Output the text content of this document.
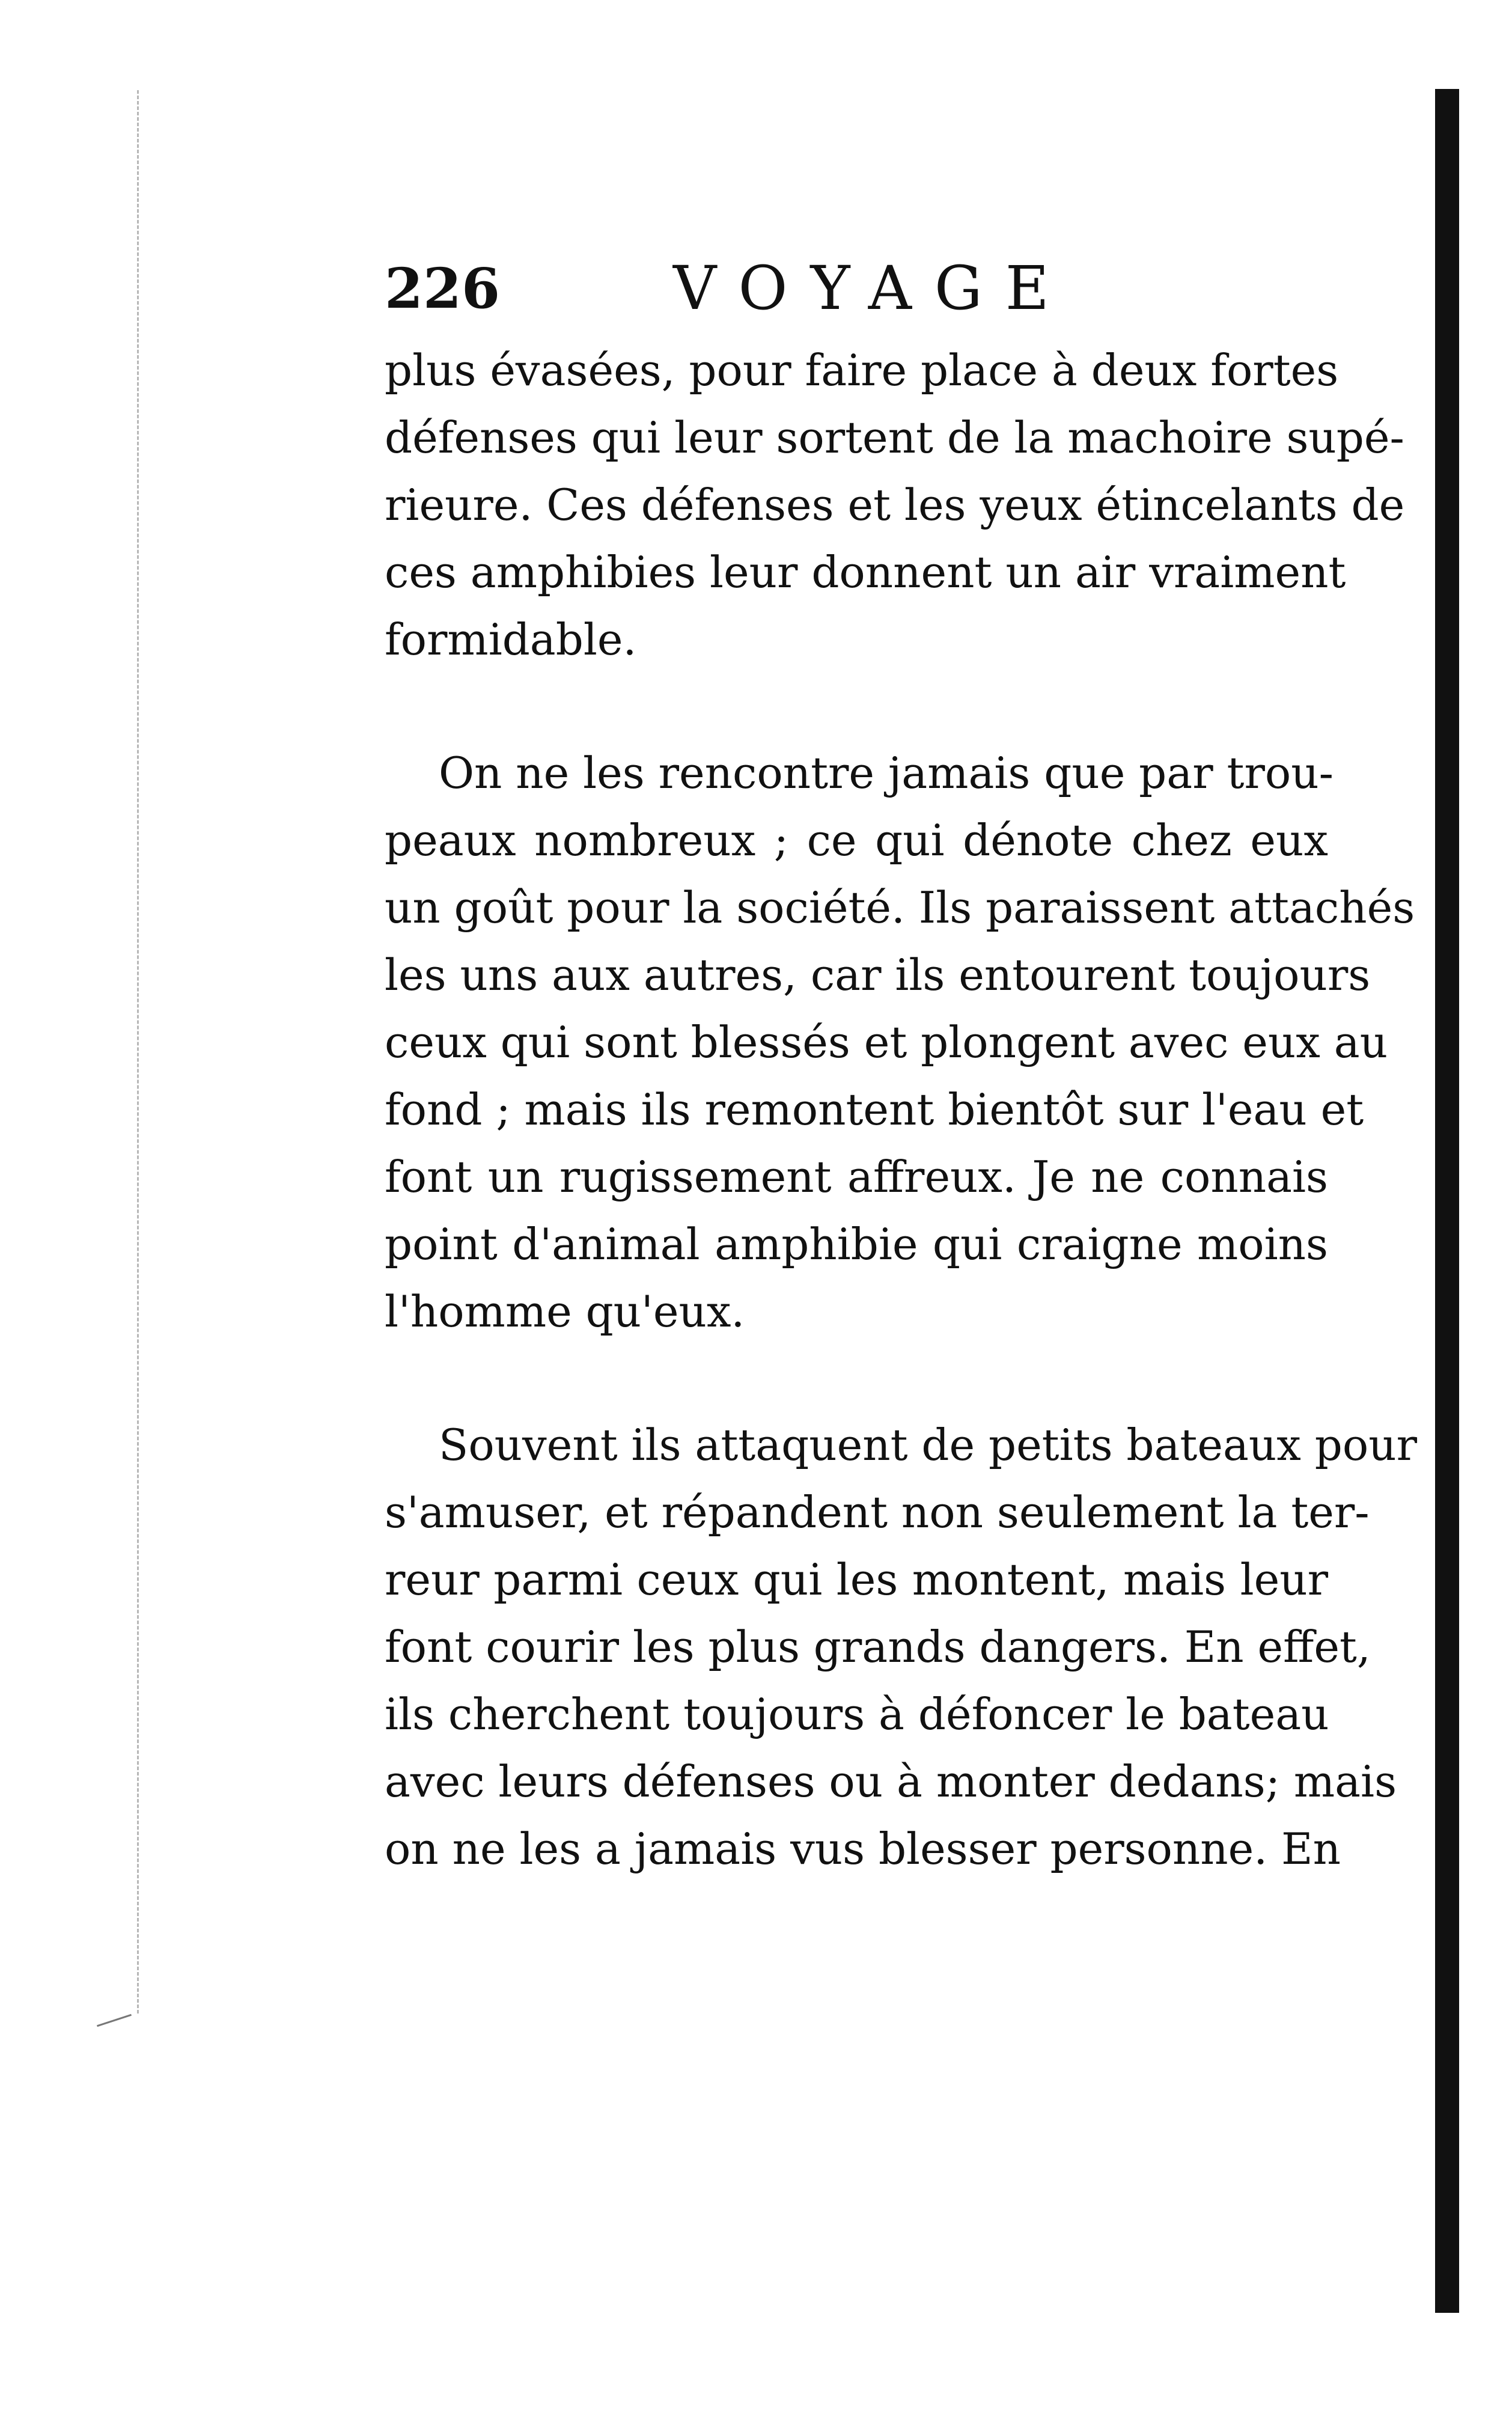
226	VOYAGE

plus évasées, pour faire place à deux fortes
défenses qui leur sortent de la machoire supé-
rieure. Ces défenses et les yeux étincelants de
ces amphibies leur donnent un air vraiment
formidable.

On ne les rencontre jamais que par trou-
peaux nombreux ; ce qui dénote chez eux
un goût pour la société. Ils paraissent attachés
les uns aux autres, car ils entourent toujours
ceux qui sont blessés et plongent avec eux au
fond ; mais ils remontent bientôt sur l'eau et
font un rugissement affreux. Je ne connais
point d'animal amphibie qui craigne moins
l'homme qu'eux.

Souvent ils attaquent de petits bateaux pour
s'amuser, et répandent non seulement la ter-
reur parmi ceux qui les montent, mais leur
font courir les plus grands dangers. En effet,
ils cherchent toujours à défoncer le bateau
avec leurs défenses ou à monter dedans; mais
on ne les a jamais vus blesser personne. En
